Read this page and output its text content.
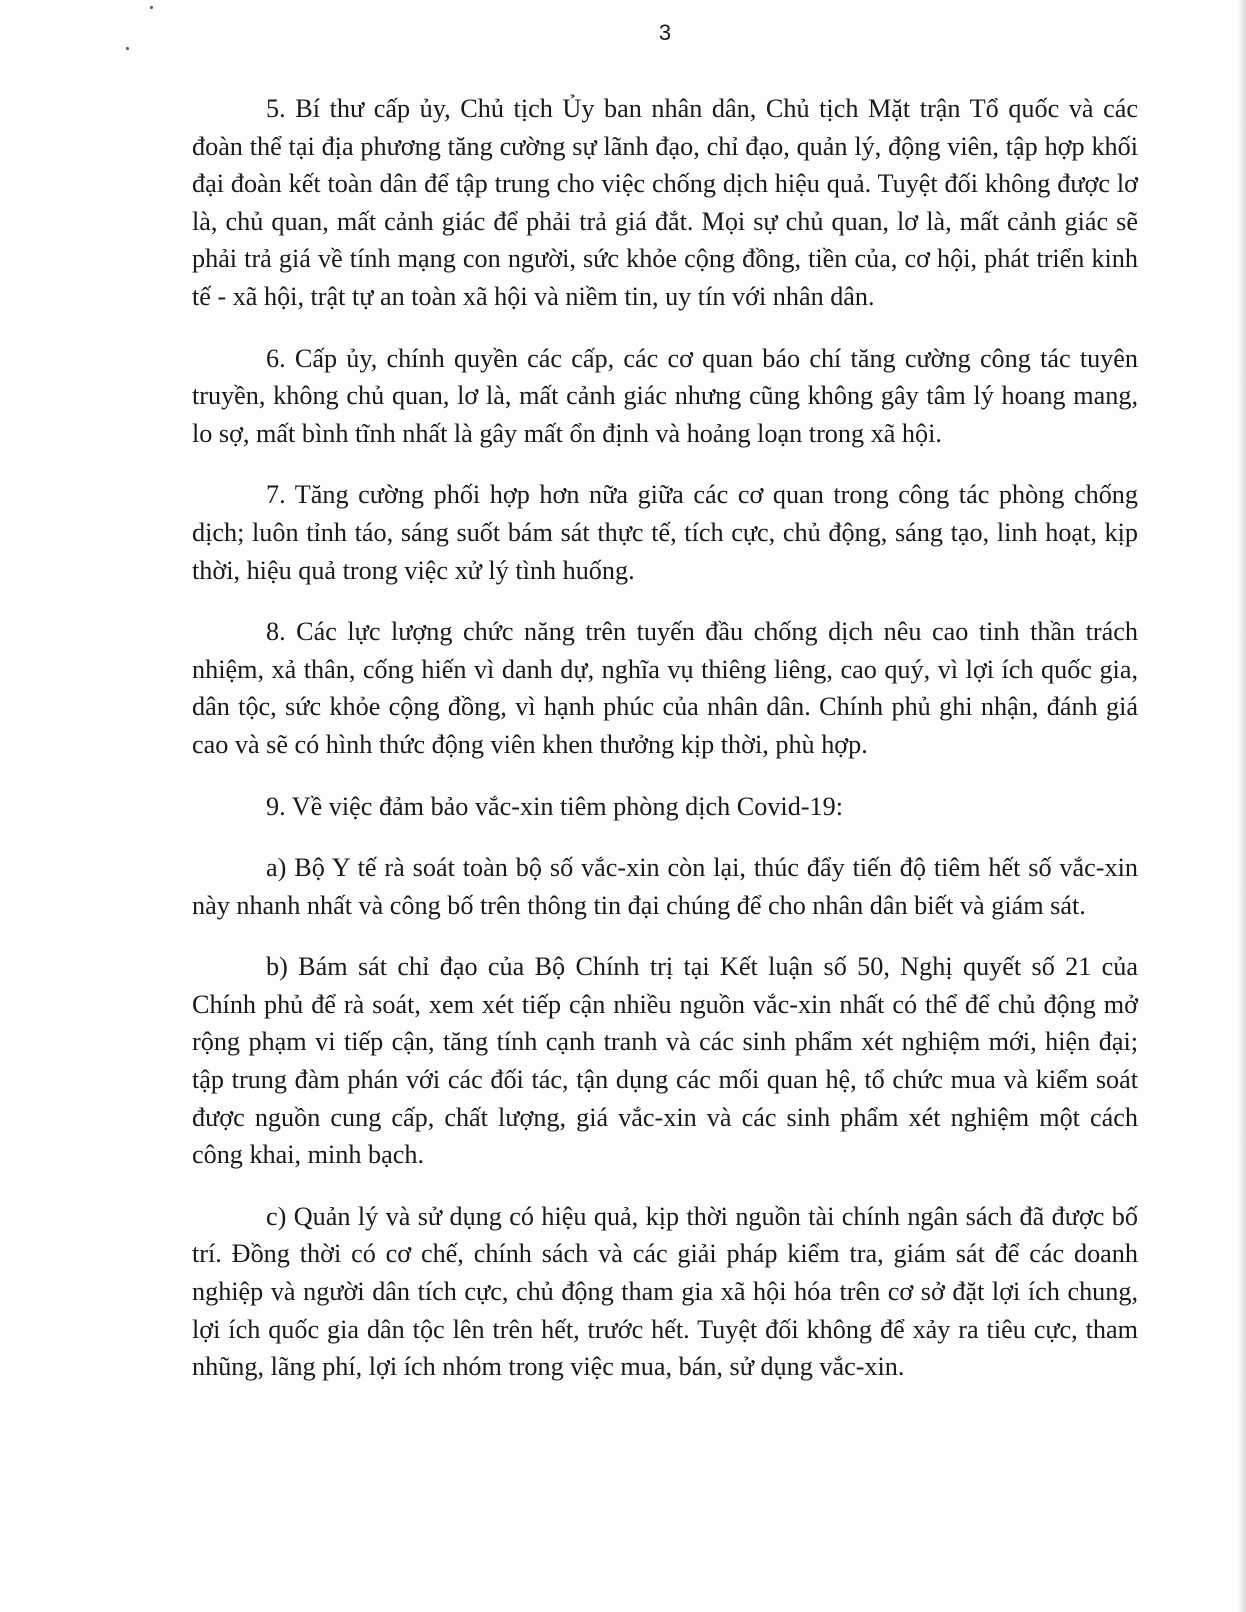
3

5. Bí thư cấp ủy, Chủ tịch Ủy ban nhân dân, Chủ tịch Mặt trận Tổ quốc và các đoàn thể tại địa phương tăng cường sự lãnh đạo, chỉ đạo, quản lý, động viên, tập hợp khối đại đoàn kết toàn dân để tập trung cho việc chống dịch hiệu quả. Tuyệt đối không được lơ là, chủ quan, mất cảnh giác để phải trả giá đắt. Mọi sự chủ quan, lơ là, mất cảnh giác sẽ phải trả giá về tính mạng con người, sức khỏe cộng đồng, tiền của, cơ hội, phát triển kinh tế - xã hội, trật tự an toàn xã hội và niềm tin, uy tín với nhân dân.

6. Cấp ủy, chính quyền các cấp, các cơ quan báo chí tăng cường công tác tuyên truyền, không chủ quan, lơ là, mất cảnh giác nhưng cũng không gây tâm lý hoang mang, lo sợ, mất bình tĩnh nhất là gây mất ổn định và hoảng loạn trong xã hội.

7. Tăng cường phối hợp hơn nữa giữa các cơ quan trong công tác phòng chống dịch; luôn tỉnh táo, sáng suốt bám sát thực tế, tích cực, chủ động, sáng tạo, linh hoạt, kịp thời, hiệu quả trong việc xử lý tình huống.

8. Các lực lượng chức năng trên tuyến đầu chống dịch nêu cao tinh thần trách nhiệm, xả thân, cống hiến vì danh dự, nghĩa vụ thiêng liêng, cao quý, vì lợi ích quốc gia, dân tộc, sức khỏe cộng đồng, vì hạnh phúc của nhân dân. Chính phủ ghi nhận, đánh giá cao và sẽ có hình thức động viên khen thưởng kịp thời, phù hợp.

9. Về việc đảm bảo vắc-xin tiêm phòng dịch Covid-19:

a) Bộ Y tế rà soát toàn bộ số vắc-xin còn lại, thúc đẩy tiến độ tiêm hết số vắc-xin này nhanh nhất và công bố trên thông tin đại chúng để cho nhân dân biết và giám sát.

b) Bám sát chỉ đạo của Bộ Chính trị tại Kết luận số 50, Nghị quyết số 21 của Chính phủ để rà soát, xem xét tiếp cận nhiều nguồn vắc-xin nhất có thể để chủ động mở rộng phạm vi tiếp cận, tăng tính cạnh tranh và các sinh phẩm xét nghiệm mới, hiện đại; tập trung đàm phán với các đối tác, tận dụng các mối quan hệ, tổ chức mua và kiểm soát được nguồn cung cấp, chất lượng, giá vắc-xin và các sinh phẩm xét nghiệm một cách công khai, minh bạch.

c) Quản lý và sử dụng có hiệu quả, kịp thời nguồn tài chính ngân sách đã được bố trí. Đồng thời có cơ chế, chính sách và các giải pháp kiểm tra, giám sát để các doanh nghiệp và người dân tích cực, chủ động tham gia xã hội hóa trên cơ sở đặt lợi ích chung, lợi ích quốc gia dân tộc lên trên hết, trước hết. Tuyệt đối không để xảy ra tiêu cực, tham nhũng, lãng phí, lợi ích nhóm trong việc mua, bán, sử dụng vắc-xin.
